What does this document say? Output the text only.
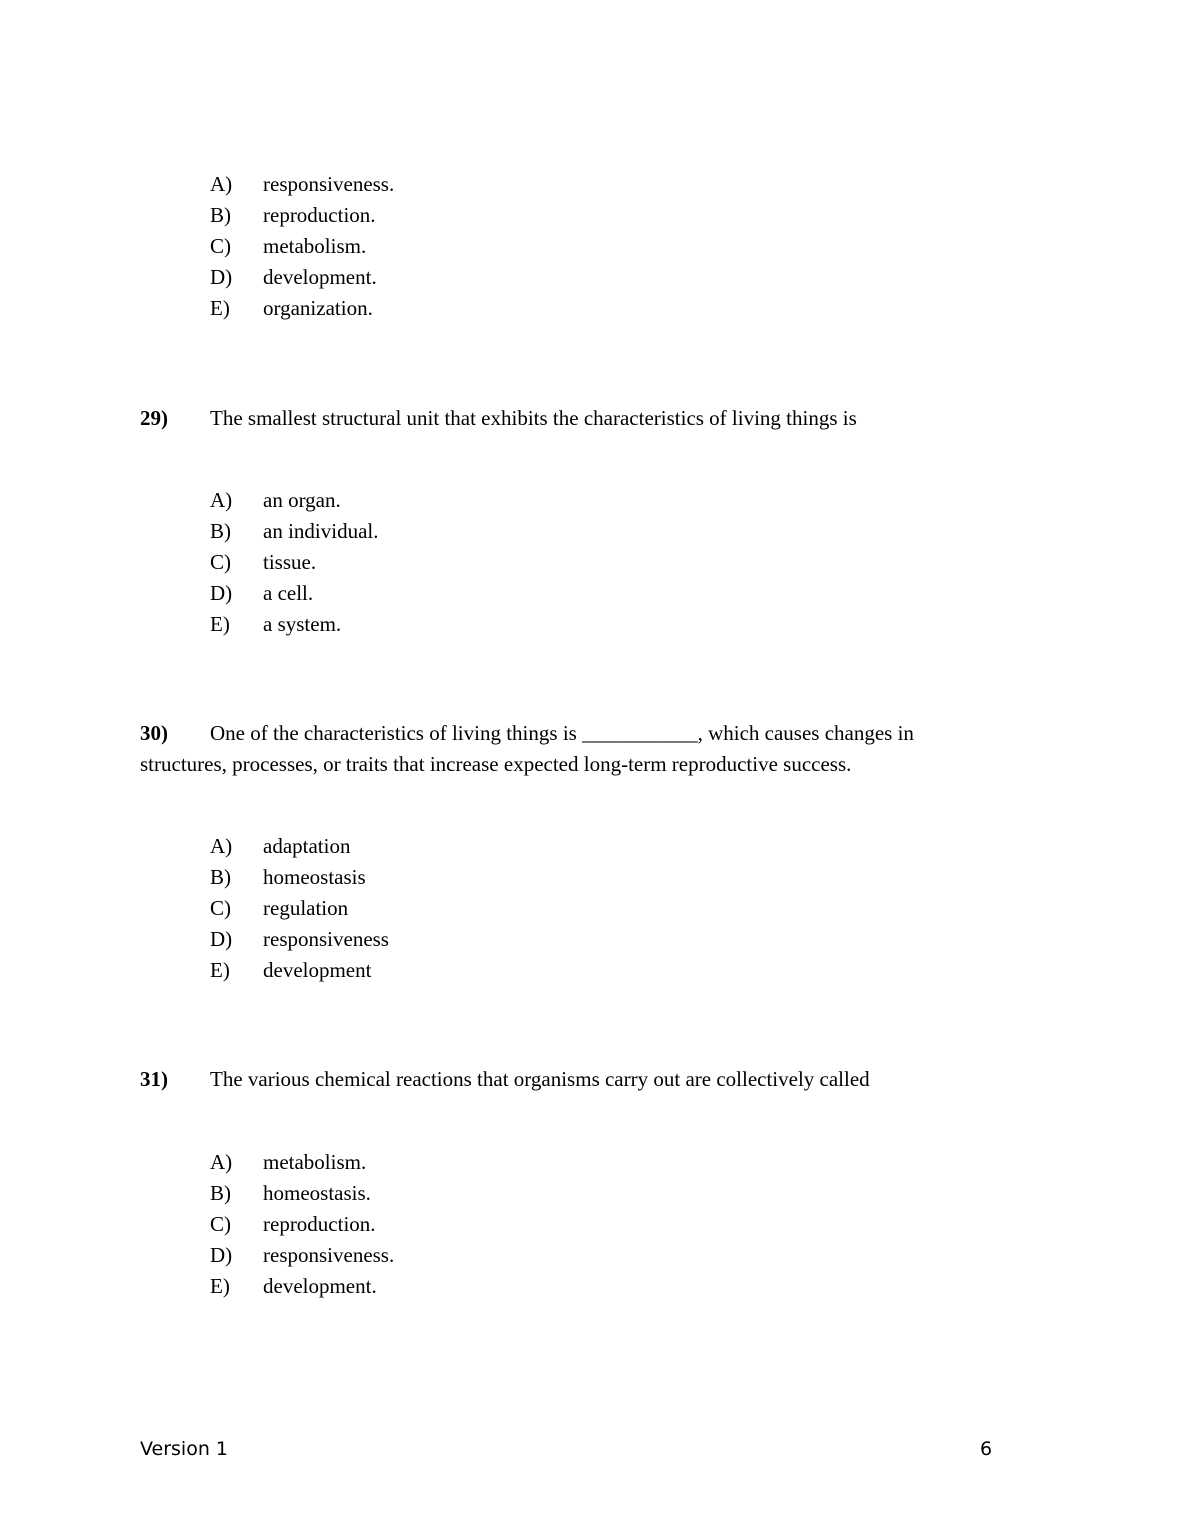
A) responsiveness.
B) reproduction.
C) metabolism.
D) development.
E) organization.

29) The smallest structural unit that exhibits the characteristics of living things is

A) an organ.
B) an individual.
C) tissue.
D) a cell.
E) a system.

30) One of the characteristics of living things is ___________, which causes changes in structures, processes, or traits that increase expected long-term reproductive success.

A) adaptation
B) homeostasis
C) regulation
D) responsiveness
E) development

31) The various chemical reactions that organisms carry out are collectively called

A) metabolism.
B) homeostasis.
C) reproduction.
D) responsiveness.
E) development.
Version 1	6
